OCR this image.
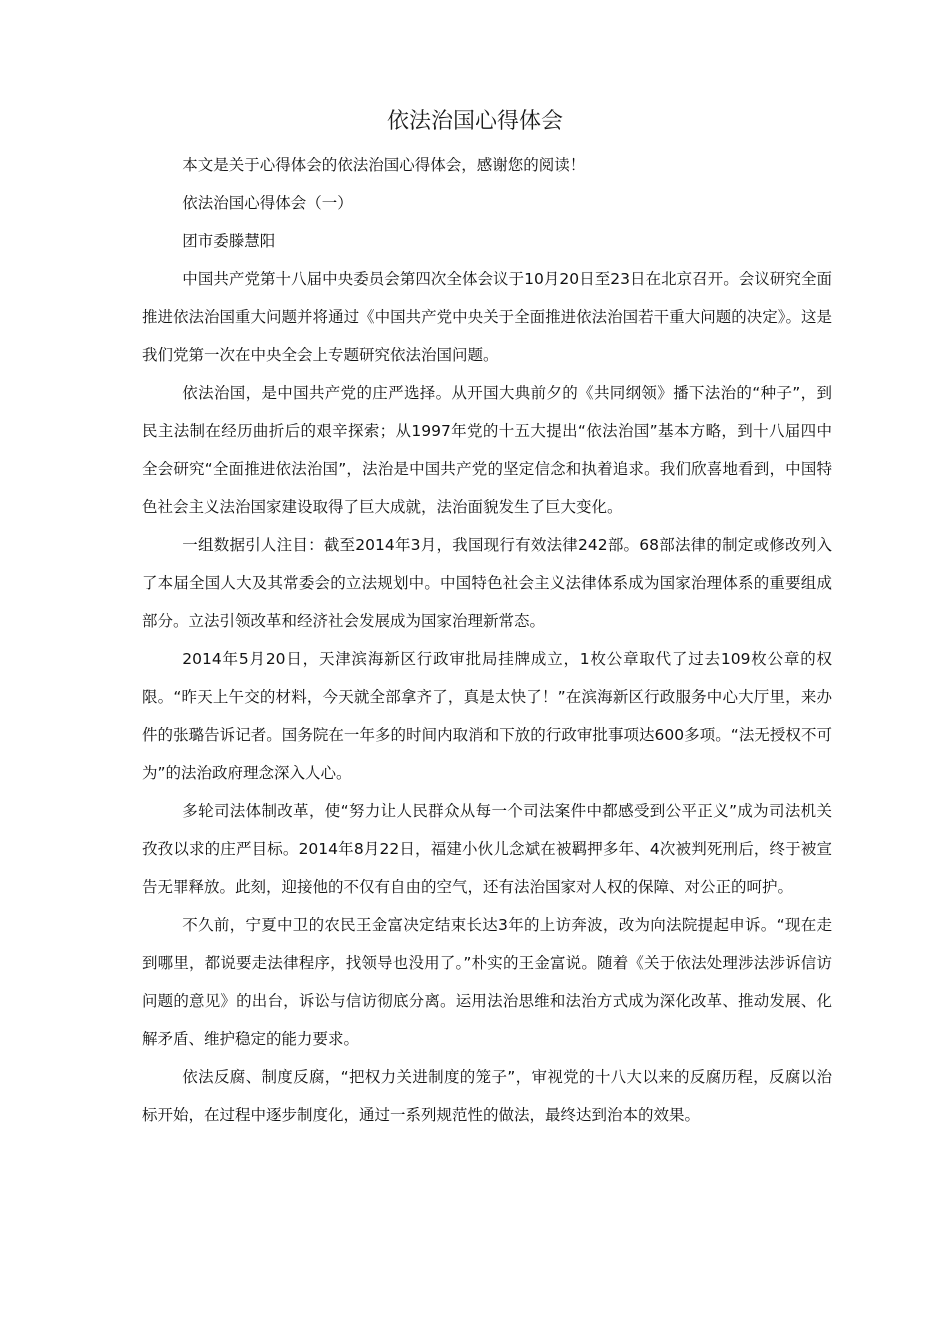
依法治国心得体会

本文是关于心得体会的依法治国心得体会，感谢您的阅读！

依法治国心得体会（一）

团市委滕慧阳

中国共产党第十八届中央委员会第四次全体会议于10月20日至23日在北京召开。会议研究全面推进依法治国重大问题并将通过《中国共产党中央关于全面推进依法治国若干重大问题的决定》。这是我们党第一次在中央全会上专题研究依法治国问题。

依法治国，是中国共产党的庄严选择。从开国大典前夕的《共同纲领》播下法治的“种子”，到民主法制在经历曲折后的艰辛探索；从1997年党的十五大提出“依法治国”基本方略，到十八届四中全会研究“全面推进依法治国”，法治是中国共产党的坚定信念和执着追求。我们欣喜地看到，中国特色社会主义法治国家建设取得了巨大成就，法治面貌发生了巨大变化。

一组数据引人注目：截至2014年3月，我国现行有效法律242部。68部法律的制定或修改列入了本届全国人大及其常委会的立法规划中。中国特色社会主义法律体系成为国家治理体系的重要组成部分。立法引领改革和经济社会发展成为国家治理新常态。

2014年5月20日，天津滨海新区行政审批局挂牌成立，1枚公章取代了过去109枚公章的权限。“昨天上午交的材料，今天就全部拿齐了，真是太快了！”在滨海新区行政服务中心大厅里，来办件的张璐告诉记者。国务院在一年多的时间内取消和下放的行政审批事项达600多项。“法无授权不可为”的法治政府理念深入人心。

多轮司法体制改革，使“努力让人民群众从每一个司法案件中都感受到公平正义”成为司法机关孜孜以求的庄严目标。2014年8月22日，福建小伙儿念斌在被羁押多年、4次被判死刑后，终于被宣告无罪释放。此刻，迎接他的不仅有自由的空气，还有法治国家对人权的保障、对公正的呵护。

不久前，宁夏中卫的农民王金富决定结束长达3年的上访奔波，改为向法院提起申诉。“现在走到哪里，都说要走法律程序，找领导也没用了。”朴实的王金富说。随着《关于依法处理涉法涉诉信访问题的意见》的出台，诉讼与信访彻底分离。运用法治思维和法治方式成为深化改革、推动发展、化解矛盾、维护稳定的能力要求。

依法反腐、制度反腐，“把权力关进制度的笼子”，审视党的十八大以来的反腐历程，反腐以治标开始，在过程中逐步制度化，通过一系列规范性的做法，最终达到治本的效果。
